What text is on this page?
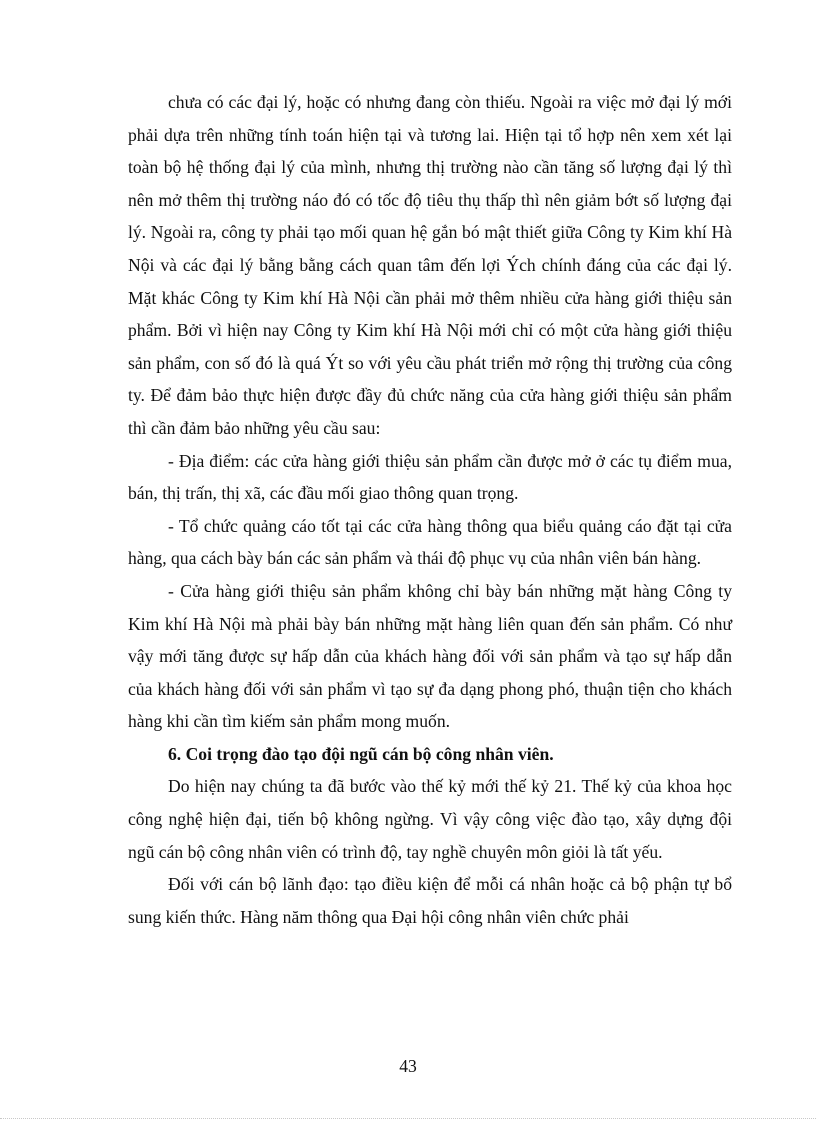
chưa có các đại lý, hoặc có nhưng đang còn thiếu. Ngoài ra việc mở đại lý mới phải dựa trên những tính toán hiện tại và tương lai. Hiện tại tổ hợp nên xem xét lại toàn bộ hệ thống đại lý của mình, nhưng thị trường nào cần tăng số lượng đại lý thì nên mở thêm thị trường náo đó có tốc độ tiêu thụ thấp thì nên giảm bớt số lượng đại lý. Ngoài ra, công ty phải tạo mối quan hệ gắn bó mật thiết giữa Công ty Kim khí Hà Nội và các đại lý bằng bằng cách quan tâm đến lợi Ých chính đáng của các đại lý. Mặt khác Công ty Kim khí Hà Nội cần phải mở thêm nhiều cửa hàng giới thiệu sản phẩm. Bởi vì hiện nay Công ty Kim khí Hà Nội mới chỉ có một cửa hàng giới thiệu sản phẩm, con số đó là quá Ýt so với yêu cầu phát triển mở rộng thị trường của công ty. Để đảm bảo thực hiện được đầy đủ chức năng của cửa hàng giới thiệu sản phẩm thì cần đảm bảo những yêu cầu sau:

- Địa điểm: các cửa hàng giới thiệu sản phẩm cần được mở ở các tụ điểm mua, bán, thị trấn, thị xã, các đầu mối giao thông quan trọng.

- Tổ chức quảng cáo tốt tại các cửa hàng thông qua biểu quảng cáo đặt tại cửa hàng, qua cách bày bán các sản phẩm và thái độ phục vụ của nhân viên bán hàng.

- Cửa hàng giới thiệu sản phẩm không chỉ bày bán những mặt hàng Công ty Kim khí Hà Nội mà phải bày bán những mặt hàng liên quan đến sản phẩm. Có như vậy mới tăng được sự hấp dẫn của khách hàng đối với sản phẩm và tạo sự hấp dẫn của khách hàng đối với sản phẩm vì tạo sự đa dạng phong phó, thuận tiện cho khách hàng khi cần tìm kiếm sản phẩm mong muốn.

6. Coi trọng đào tạo đội ngũ cán bộ công nhân viên.

Do hiện nay chúng ta đã bước vào thế kỷ mới thế kỷ 21. Thế kỷ của khoa học công nghệ hiện đại, tiến bộ không ngừng. Vì vậy công việc đào tạo, xây dựng đội ngũ cán bộ công nhân viên có trình độ, tay nghề chuyên môn giỏi là tất yếu.

Đối với cán bộ lãnh đạo: tạo điều kiện để mỗi cá nhân hoặc cả bộ phận tự bổ sung kiến thức. Hàng năm thông qua Đại hội công nhân viên chức phải

43
